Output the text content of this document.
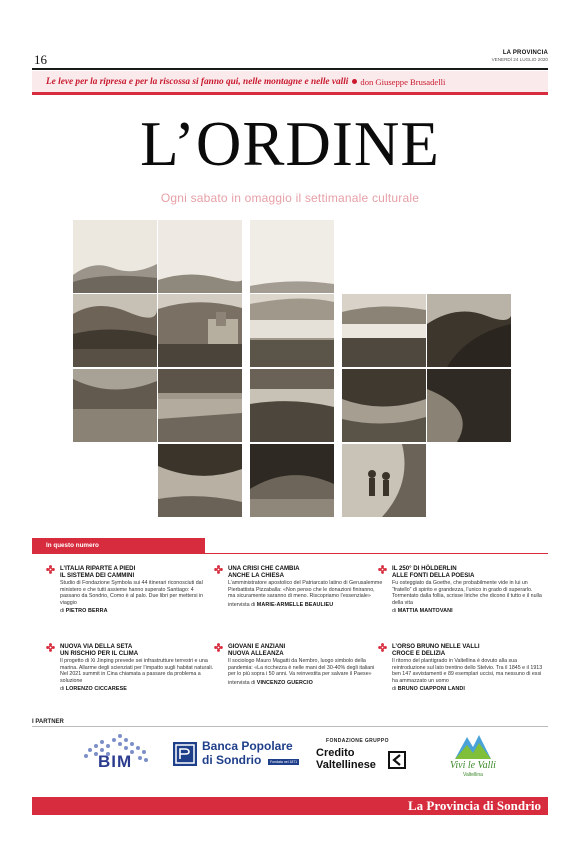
16	LA PROVINCIA
VENERDÌ 24 LUGLIO 2020
Le leve per la ripresa e per la riscossa si fanno qui, nelle montagne e nelle valli don Giuseppe Brusadelli
L’ORDINE
Ogni sabato in omaggio il settimanale culturale
In questo numero
L’ITALIA RIPARTE A PIEDI
IL SISTEMA DEI CAMMINI
Studio di Fondazione Symbola sui 44 itinerari riconosciuti dal ministero e che tutti assieme hanno superato Santiago: 4 passano da Sondrio, Como è al palo. Due libri per mettersi in viaggio
di PIETRO BERRA
UNA CRISI CHE CAMBIA
ANCHE LA CHIESA
L’amministratore apostolico del Patriarcato latino di Gerusalemme Pierbattista Pizzaballa: «Non penso che le donazioni finiranno, ma sicuramente saranno di meno. Riscopriamo l’essenziale»
intervista di MARIE-ARMELLE BEAULIEU
IL 250° DI HÖLDERLIN
ALLE FONTI DELLA POESIA
Fu osteggiato da Goethe, che probabilmente vide in lui un “fratello” di spirito e grandezza, l’unico in grado di superarlo. Tormentato dalla follia, scrisse liriche che dicono il tutto e il nulla della vita
di MATTIA MANTOVANI
NUOVA VIA DELLA SETA
UN RISCHIO PER IL CLIMA
Il progetto di Xi Jinping prevede sei infrastrutture terrestri e una marina. Allarme degli scienziati per l’impatto sugli habitat naturali. Nel 2021 summit in Cina chiamata a passare da problema a soluzione
di LORENZO CICCARESE
GIOVANI E ANZIANI
NUOVA ALLEANZA
Il sociologo Mauro Magatti da Nembro, luogo simbolo della pandemia: «La ricchezza è nelle mani del 30-40% degli italiani per lo più sopra i 50 anni. Va reinvestita per salvare il Paese»
intervista di VINCENZO GUERCIO
L’ORSO BRUNO NELLE VALLI
CROCE E DELIZIA
Il ritorno del plantigrado in Valtellina è dovuto alla sua reintroduzione sul lato trentino dello Stelvio. Tra il 1845 e il 1913 ben 147 avvistamenti e 89 esemplari uccisi, ma nessuno di essi ha ammazzato un uomo
di BRUNO CIAPPONI LANDI
I PARTNER
BIM
Banca Popolare
di Sondrio	Fondata nel 1871
FONDAZIONE GRUPPO
Credito
Valtellinese	Vivi le Valli
Valtellina
La Provincia di Sondrio
